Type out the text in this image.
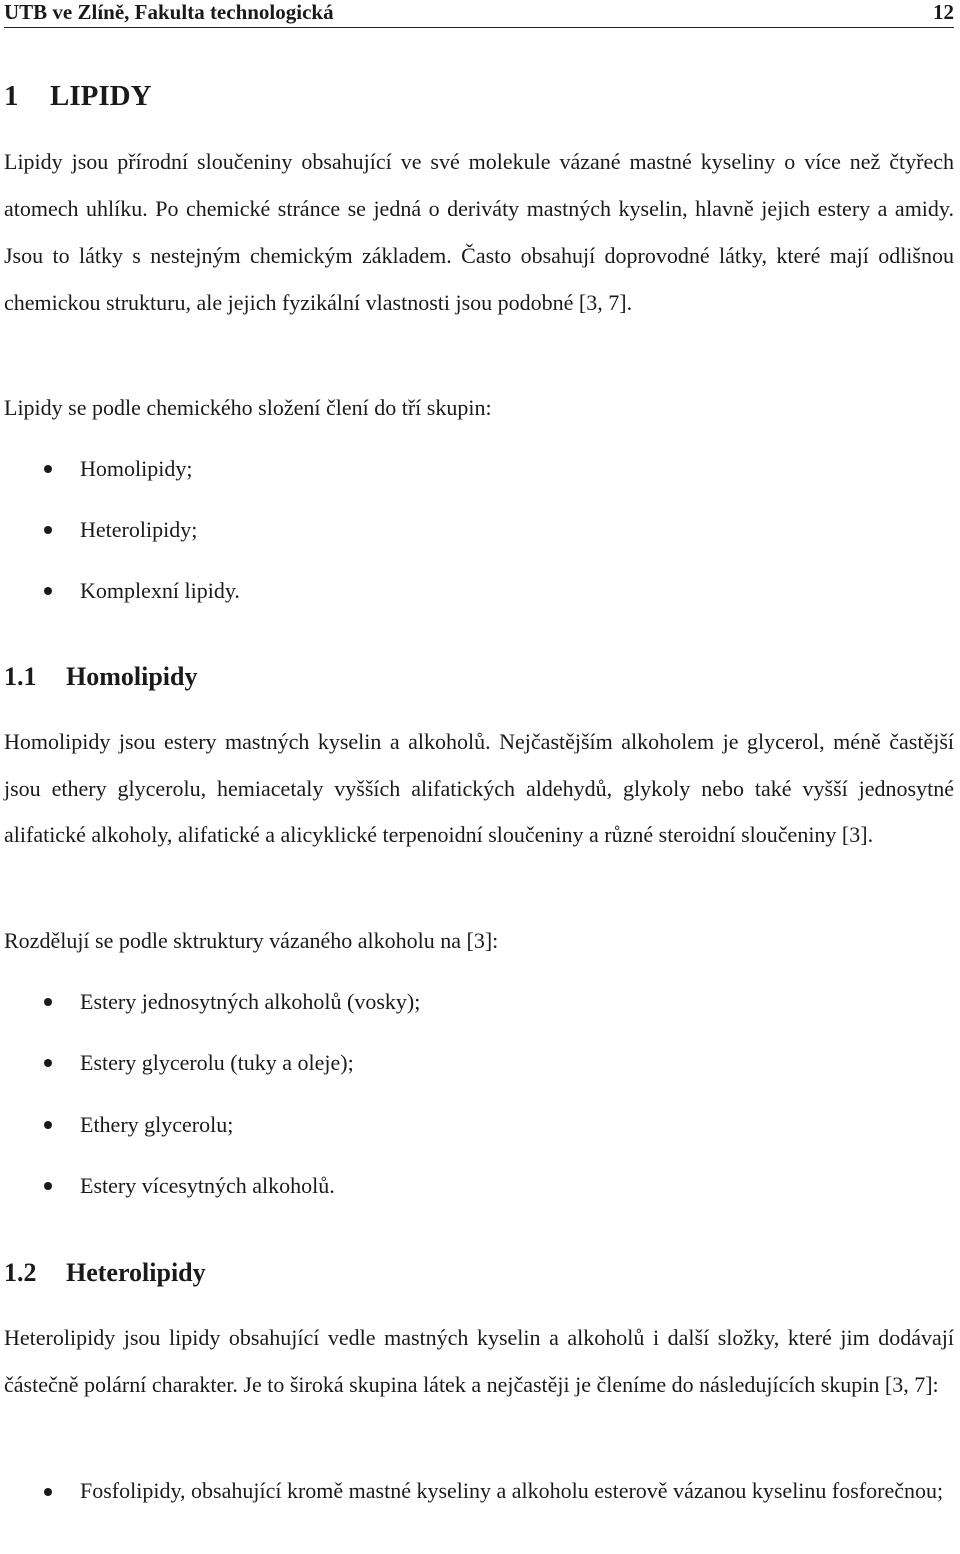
UTB ve Zlíně, Fakulta technologická	12
1 LIPIDY

Lipidy jsou přírodní sloučeniny obsahující ve své molekule vázané mastné kyseliny o více než čtyřech atomech uhlíku. Po chemické stránce se jedná o deriváty mastných kyselin, hlavně jejich estery a amidy. Jsou to látky s nestejným chemickým základem. Často obsahují doprovodné látky, které mají odlišnou chemickou strukturu, ale jejich fyzikální vlastnosti jsou podobné [3, 7].

Lipidy se podle chemického složení člení do tří skupin:

Homolipidy;
Heterolipidy;
Komplexní lipidy.
1.1 Homolipidy

Homolipidy jsou estery mastných kyselin a alkoholů. Nejčastějším alkoholem je glycerol, méně častější jsou ethery glycerolu, hemiacetaly vyšších alifatických aldehydů, glykoly nebo také vyšší jednosytné alifatické alkoholy, alifatické a alicyklické terpenoidní sloučeniny a různé steroidní sloučeniny [3].

Rozdělují se podle sktruktury vázaného alkoholu na [3]:

Estery jednosytných alkoholů (vosky);
Estery glycerolu (tuky a oleje);
Ethery glycerolu;
Estery vícesytných alkoholů.
1.2 Heterolipidy

Heterolipidy jsou lipidy obsahující vedle mastných kyselin a alkoholů i další složky, které jim dodávají částečně polární charakter. Je to široká skupina látek a nejčastěji je členíme do následujících skupin [3, 7]:

Fosfolipidy, obsahující kromě mastné kyseliny a alkoholu esterově vázanou kyselinu fosforečnou;
